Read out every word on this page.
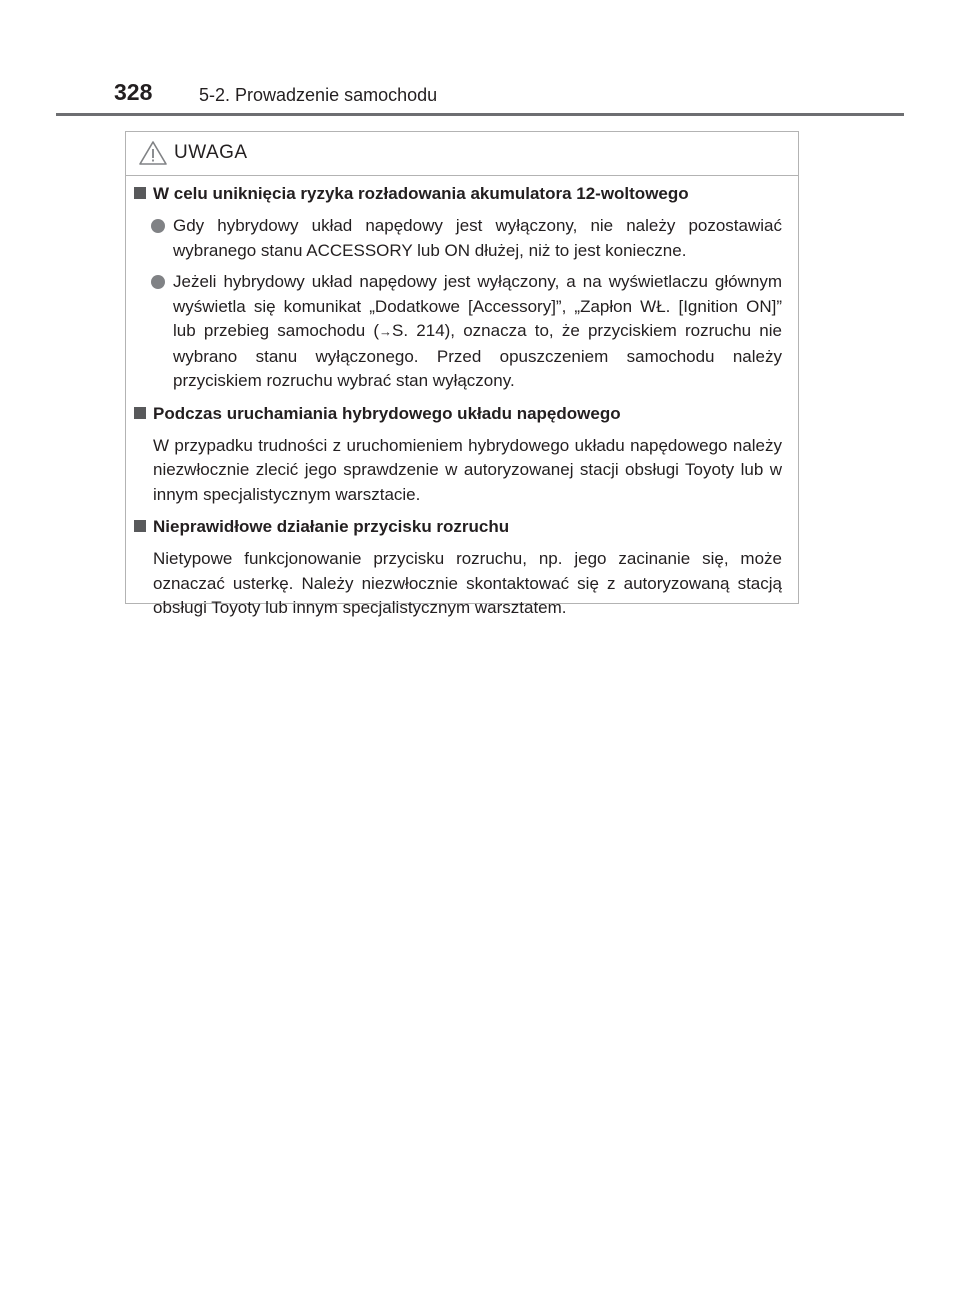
328	5-2. Prowadzenie samochodu
UWAGA
W celu uniknięcia ryzyka rozładowania akumulatora 12-woltowego
Gdy hybrydowy układ napędowy jest wyłączony, nie należy pozostawiać wybranego stanu ACCESSORY lub ON dłużej, niż to jest konieczne.
Jeżeli hybrydowy układ napędowy jest wyłączony, a na wyświetlaczu głównym wyświetla się komunikat „Dodatkowe [Accessory]”, „Zapłon WŁ. [Ignition ON]” lub przebieg samochodu (→S. 214), oznacza to, że przyciskiem rozruchu nie wybrano stanu wyłączonego. Przed opuszczeniem samochodu należy przyciskiem rozruchu wybrać stan wyłączony.
Podczas uruchamiania hybrydowego układu napędowego
W przypadku trudności z uruchomieniem hybrydowego układu napędowego należy niezwłocznie zlecić jego sprawdzenie w autoryzowanej stacji obsługi Toyoty lub w innym specjalistycznym warsztacie.
Nieprawidłowe działanie przycisku rozruchu
Nietypowe funkcjonowanie przycisku rozruchu, np. jego zacinanie się, może oznaczać usterkę. Należy niezwłocznie skontaktować się z autoryzowaną stacją obsługi Toyoty lub innym specjalistycznym warsztatem.
